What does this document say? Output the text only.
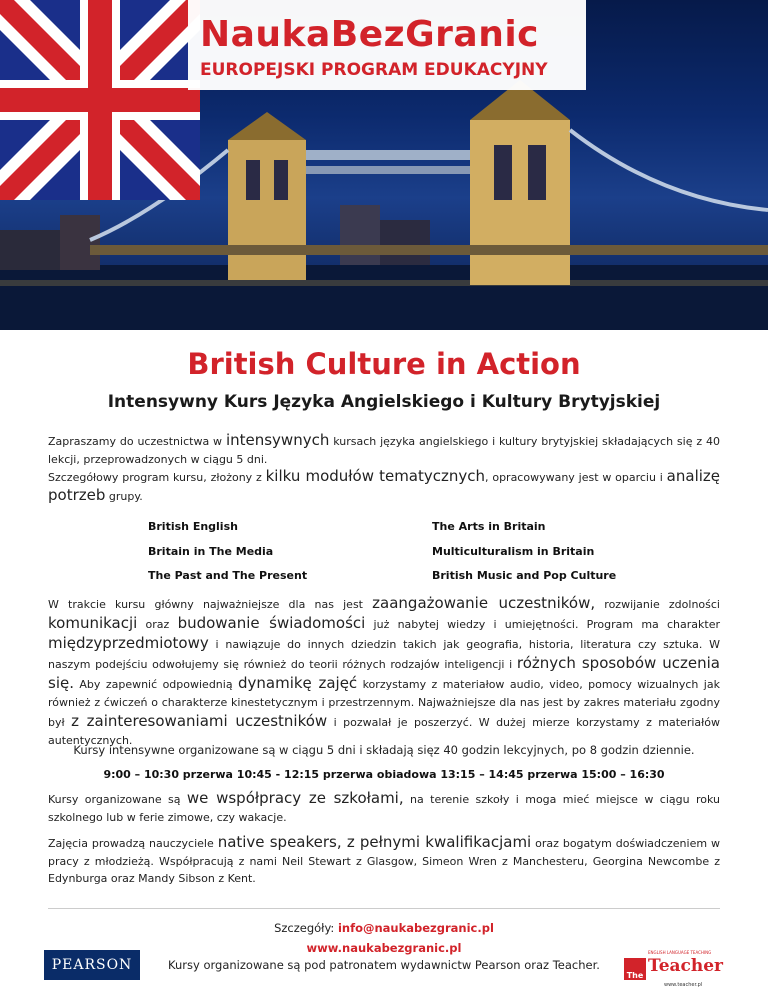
NaukaBezGranic
EUROPEJSKI PROGRAM EDUKACYJNY
British Culture in Action
Intensywny Kurs Języka Angielskiego i Kultury Brytyjskiej
Zapraszamy do uczestnictwa w intensywnych kursach języka angielskiego i kultury brytyjskiej składających się z 40 lekcji, przeprowadzonych w ciągu 5 dni.
Szczegółowy program kursu, złożony z kilku modułów tematycznych, opracowywany jest w oparciu i analizę potrzeb grupy.
British English	The Arts in Britain
Britain in The Media	Multiculturalism in Britain
The Past and The Present	British Music and Pop Culture
W trakcie kursu główny najważniejsze dla nas jest zaangażowanie uczestników, rozwijanie zdolności komunikacji oraz budowanie świadomości już nabytej wiedzy i umiejętności. Program ma charakter międzyprzedmiotowy i nawiązuje do innych dziedzin takich jak geografia, historia, literatura czy sztuka. W naszym podejściu odwołujemy się również do teorii różnych rodzajów inteligencji i różnych sposobów uczenia się. Aby zapewnić odpowiednią dynamikę zajęć korzystamy z materiałow audio, video, pomocy wizualnych jak również z ćwiczeń o charakterze kinestetycznym i przestrzennym. Najważniejsze dla nas jest by zakres materiału zgodny był z zainteresowaniami uczestników i pozwalał je poszerzyć. W dużej mierze korzystamy z materiałów autentycznych.
Kursy intensywne organizowane są w ciągu 5 dni i składają sięz 40 godzin lekcyjnych, po 8 godzin dziennie.
9:00 – 10:30 przerwa 10:45 - 12:15 przerwa obiadowa 13:15 – 14:45 przerwa 15:00 – 16:30
Kursy organizowane są we współpracy ze szkołami, na terenie szkoły i moga mieć miejsce w ciągu roku szkolnego lub w ferie zimowe, czy wakacje.
Zajęcia prowadzą nauczyciele native speakers, z pełnymi kwalifikacjami oraz bogatym doświadczeniem w pracy z młodzieżą. Współpracują z nami Neil Stewart z Glasgow, Simeon Wren z Manchesteru, Georgina Newcombe z Edynburga oraz Mandy Sibson z Kent.
Szczegóły: info@naukabezgranic.pl
www.naukabezgranic.pl
Kursy organizowane są pod patronatem wydawnictw Pearson oraz Teacher.
PEARSON
ENGLISH LANGUAGE TEACHING
The Teacher
www.teacher.pl
